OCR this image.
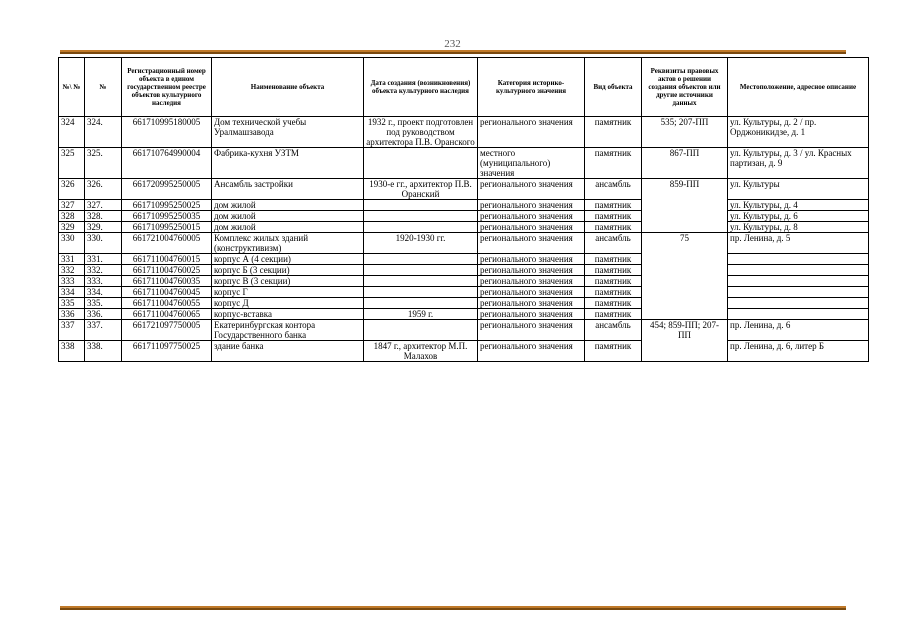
232
№\ №	№	Регистрационный номер объекта в едином государственном реестре объектов культурного наследия	Наименование объекта	Дата создания (возникновения) объекта культурного наследия	Категория историко-культурного значения	Вид объекта	Реквизиты правовых актов о решении создания объектов или другие источники данных	Местоположение, адресное описание
324	324.	661710995180005	Дом технической учебы Уралмашзавода	1932 г., проект подготовлен под руководством архитектора П.В. Оранского	регионального значения	памятник	535; 207-ПП	ул. Культуры, д. 2 / пр. Орджоникидзе, д. 1
325	325.	661710764990004	Фабрика-кухня УЗТМ		местного (муниципального) значения	памятник	867-ПП	ул. Культуры, д. 3 / ул. Красных партизан, д. 9
326	326.	661720995250005	Ансамбль застройки	1930-е гг., архитектор П.В. Оранский	регионального значения	ансамбль	859-ПП	ул. Культуры
327	327.	661710995250025	дом жилой		регионального значения	памятник		ул. Культуры, д. 4
328	328.	661710995250035	дом жилой		регионального значения	памятник		ул. Культуры, д. 6
329	329.	661710995250015	дом жилой		регионального значения	памятник		ул. Культуры, д. 8
330	330.	661721004760005	Комплекс жилых зданий (конструктивизм)	1920-1930 гг.	регионального значения	ансамбль	75	пр. Ленина, д. 5
331	331.	661711004760015	корпус А (4 секции)		регионального значения	памятник		
332	332.	661711004760025	корпус Б (3 секции)		регионального значения	памятник		
333	333.	661711004760035	корпус В (3 секции)		регионального значения	памятник		
334	334.	661711004760045	корпус Г		регионального значения	памятник		
335	335.	661711004760055	корпус Д		регионального значения	памятник		
336	336.	661711004760065	корпус-вставка	1959 г.	регионального значения	памятник		
337	337.	661721097750005	Екатеринбургская контора Государственного банка		регионального значения	ансамбль	454; 859-ПП; 207-ПП	пр. Ленина, д. 6
338	338.	661711097750025	здание банка	1847 г., архитектор М.П. Малахов	регионального значения	памятник		пр. Ленина, д. 6, литер Б
